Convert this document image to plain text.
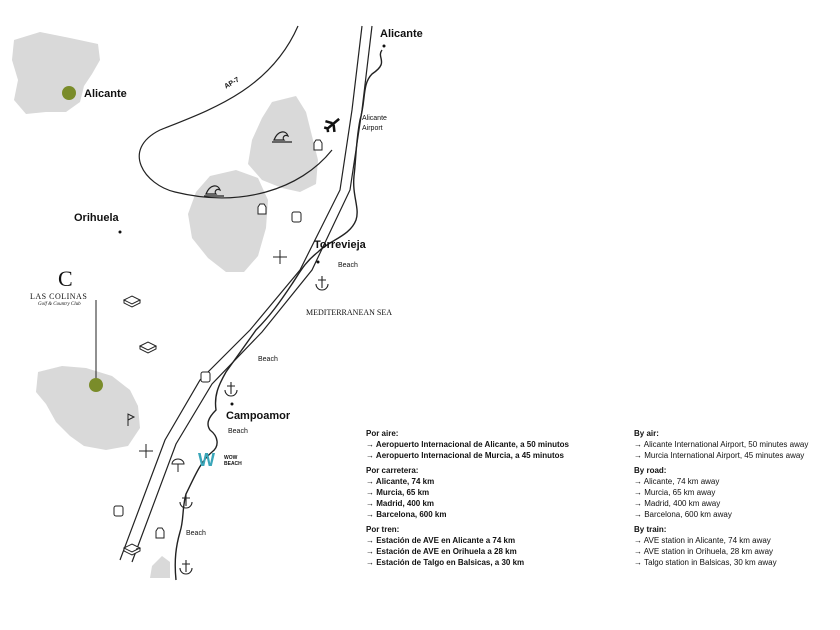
Alicante
Alicante
Alicante
Airport
Orihuela
Torrevieja
Campoamor
AP-7
MEDITERRANEAN SEA
Beach
Beach
Beach
Beach
C
LAS COLINAS
Golf & Country Club
W WOW
BEACH
Por aire:
→ Aeropuerto Internacional de Alicante, a 50 minutos
→ Aeropuerto Internacional de Murcia, a 45 minutos
Por carretera:
→ Alicante, 74 km
→ Murcia, 65 km
→ Madrid, 400 km
→ Barcelona, 600 km
Por tren:
→ Estación de AVE en Alicante a 74 km
→ Estación de AVE en Orihuela a 28 km
→ Estación de Talgo en Balsicas, a 30 km
By air:
→ Alicante International Airport, 50 minutes away
→ Murcia International Airport, 45 minutes away
By road:
→ Alicante, 74 km away
→ Murcia, 65 km away
→ Madrid, 400 km away
→ Barcelona, 600 km away
By train:
→ AVE station in Alicante, 74 km away
→ AVE station in Orihuela, 28 km away
→ Talgo station in Balsicas, 30 km away
